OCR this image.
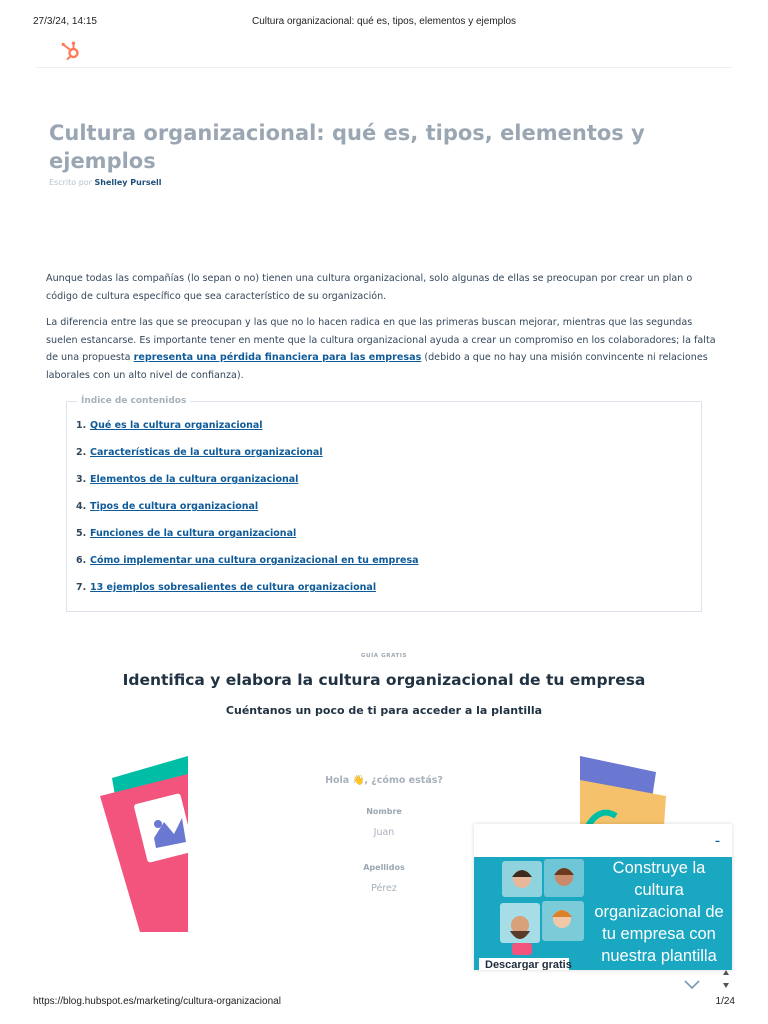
27/3/24, 14:15	Cultura organizacional: qué es, tipos, elementos y ejemplos
Cultura organizacional: qué es, tipos, elementos y ejemplos
Escrito por Shelley Pursell

Aunque todas las compañías (lo sepan o no) tienen una cultura organizacional, solo algunas de ellas se preocupan por crear un plan o código de cultura específico que sea característico de su organización.

La diferencia entre las que se preocupan y las que no lo hacen radica en que las primeras buscan mejorar, mientras que las segundas suelen estancarse. Es importante tener en mente que la cultura organizacional ayuda a crear un compromiso en los colaboradores; la falta de una propuesta representa una pérdida financiera para las empresas (debido a que no hay una misión convincente ni relaciones laborales con un alto nivel de confianza).

Índice de contenidos
1. Qué es la cultura organizacional
2. Características de la cultura organizacional
3. Elementos de la cultura organizacional
4. Tipos de cultura organizacional
5. Funciones de la cultura organizacional
6. Cómo implementar una cultura organizacional en tu empresa
7. 13 ejemplos sobresalientes de cultura organizacional
GUÍA GRATIS
Identifica y elabora la cultura organizacional de tu empresa
Cuéntanos un poco de ti para acceder a la plantilla
Hola 👋, ¿cómo estás?
Nombre
Juan
Apellidos
Pérez
–
Construye la cultura organizacional de tu empresa con nuestra plantilla
Descargar gratis
https://blog.hubspot.es/marketing/cultura-organizacional	1/24
